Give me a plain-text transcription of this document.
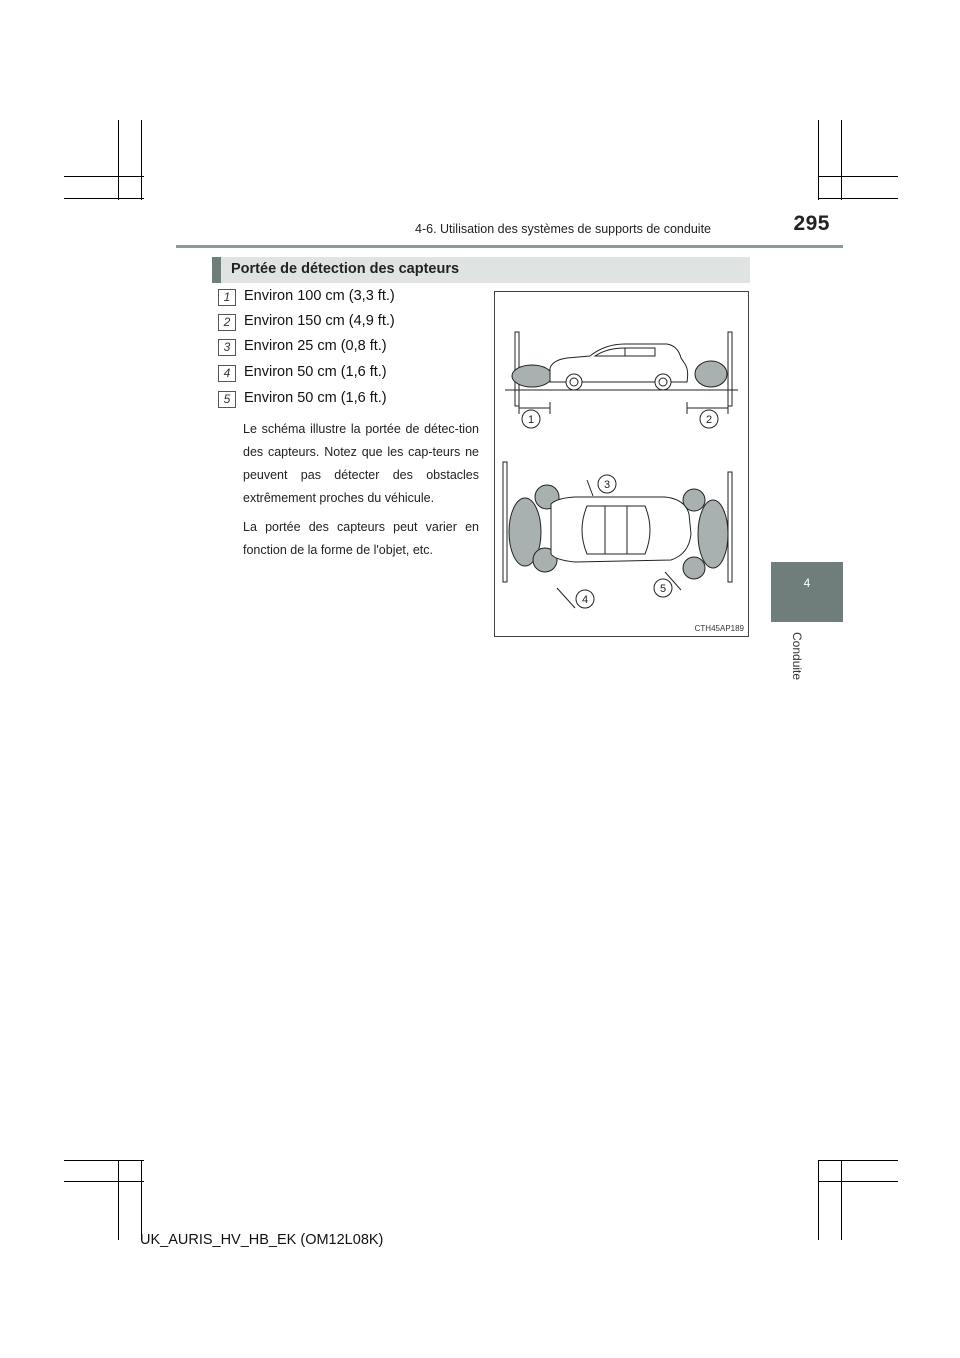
4-6. Utilisation des systèmes de supports de conduite	295
4
Conduite
Portée de détection des capteurs
1 Environ 100 cm (3,3 ft.)
2 Environ 150 cm (4,9 ft.)
3 Environ 25 cm (0,8 ft.)
4 Environ 50 cm (1,6 ft.)
5 Environ 50 cm (1,6 ft.)
Le schéma illustre la portée de détec-tion des capteurs. Notez que les cap-teurs ne peuvent pas détecter des obstacles extrêmement proches du véhicule.
La portée des capteurs peut varier en fonction de la forme de l'objet, etc.
1	2
3
4
5
CTH45AP189
UK_AURIS_HV_HB_EK (OM12L08K)
